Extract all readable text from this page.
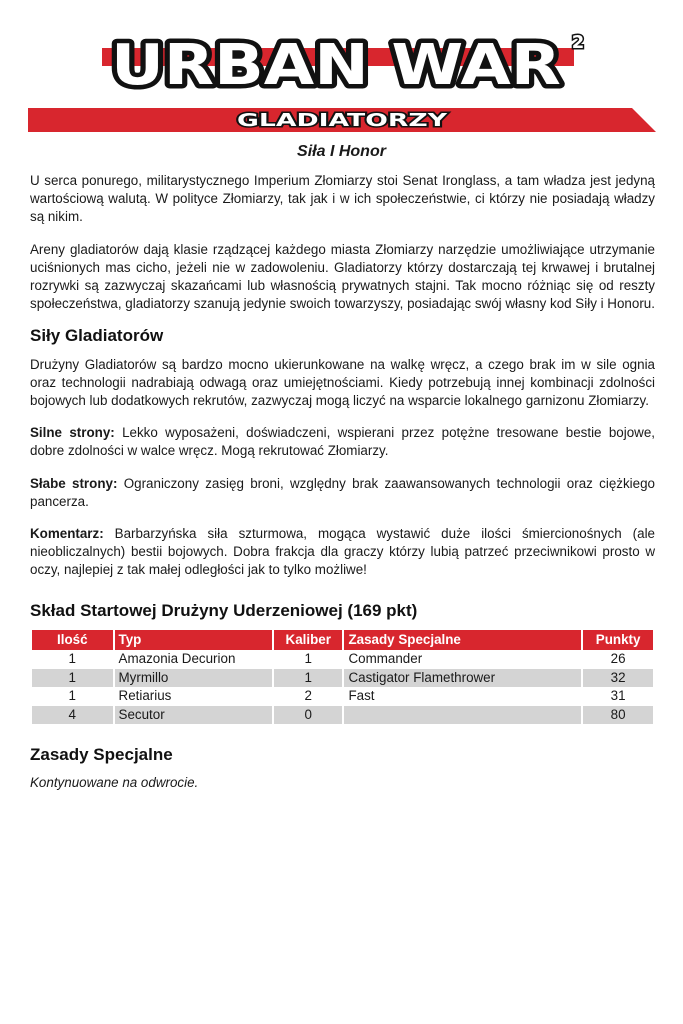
URBAN WAR 2
GLADIATORZY
Siła I Honor

U serca ponurego, militarystycznego Imperium Złomiarzy stoi Senat Ironglass, a tam władza jest jedyną wartościową walutą. W polityce Złomiarzy, tak jak i w ich społeczeństwie, ci którzy nie posiadają władzy są nikim.

Areny gladiatorów dają klasie rządzącej każdego miasta Złomiarzy narzędzie umożliwiające utrzymanie uciśnionych mas cicho, jeżeli nie w zadowoleniu. Gladiatorzy którzy dostarczają tej krwawej i brutalnej rozrywki są zazwyczaj skazańcami lub własnością prywatnych stajni. Tak mocno różniąc się od reszty społeczeństwa, gladiatorzy szanują jedynie swoich towarzyszy, posiadając swój własny kod Siły i Honoru.

Siły Gladiatorów

Drużyny Gladiatorów są bardzo mocno ukierunkowane na walkę wręcz, a czego brak im w sile ognia oraz technologii nadrabiają odwagą oraz umiejętnościami. Kiedy potrzebują innej kombinacji zdolności bojowych lub dodatkowych rekrutów, zazwyczaj mogą liczyć na wsparcie lokalnego garnizonu Złomiarzy.

Silne strony: Lekko wyposażeni, doświadczeni, wspierani przez potężne tresowane bestie bojowe, dobre zdolności w walce wręcz. Mogą rekrutować Złomiarzy.

Słabe strony: Ograniczony zasięg broni, względny brak zaawansowanych technologii oraz ciężkiego pancerza.

Komentarz: Barbarzyńska siła szturmowa, mogąca wystawić duże ilości śmiercionośnych (ale nieobliczalnych) bestii bojowych. Dobra frakcja dla graczy którzy lubią patrzeć przeciwnikowi prosto w oczy, najlepiej z tak małej odległości jak to tylko możliwe!

Skład Startowej Drużyny Uderzeniowej (169 pkt)
Ilość	Typ	Kaliber	Zasady Specjalne	Punkty
1	Amazonia Decurion	1	Commander	26
1	Myrmillo	1	Castigator Flamethrower	32
1	Retiarius	2	Fast	31
4	Secutor	0		80
Zasady Specjalne

Kontynuowane na odwrocie.
